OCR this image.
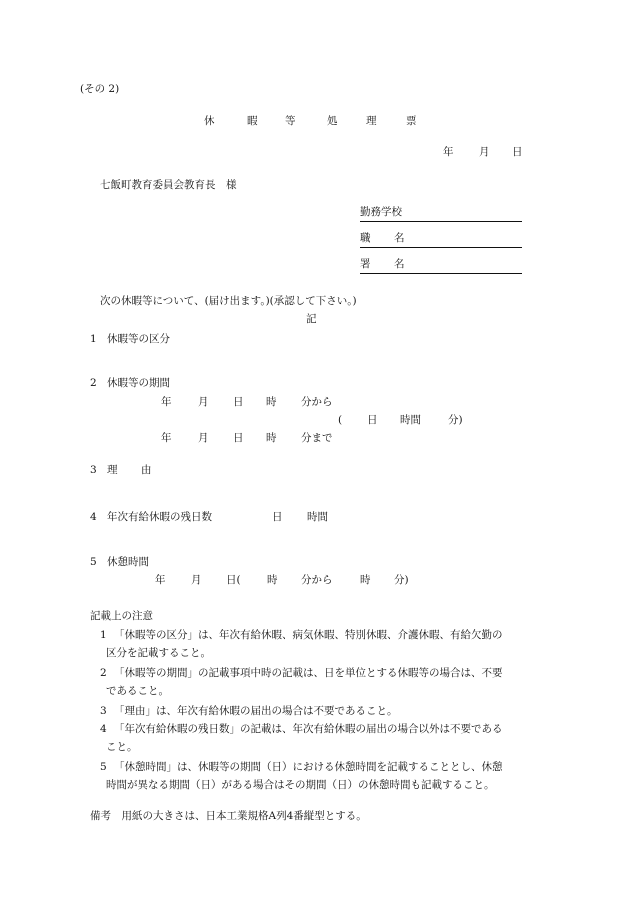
(その 2)
休	暇	等	処	理	票
年 月 日
七飯町教育委員会教育長　様
勤務学校
職 名
署 名
次の休暇等について、(届け出ます。)(承認して下さい。)
記
1 休暇等の区分
2 休暇等の期間
年	月 日 時 分から
( 日 時間	分)
年	月 日 時 分まで
3 理 由
4 年次有給休暇の残日数	日 時間
5 休憩時間
年 月 日(	時 分から	時 分)
記載上の注意
1 「休暇等の区分」は、年次有給休暇、病気休暇、特別休暇、介護休暇、有給欠勤の
区分を記載すること。
2 「休暇等の期間」の記載事項中時の記載は、日を単位とする休暇等の場合は、不要
であること。
3 「理由」は、年次有給休暇の届出の場合は不要であること。
4 「年次有給休暇の残日数」の記載は、年次有給休暇の届出の場合以外は不要である
こと。
5 「休憩時間」は、休暇等の期間（日）における休憩時間を記載することとし、休憩
時間が異なる期間（日）がある場合はその期間（日）の休憩時間も記載すること。
備考　用紙の大きさは、日本工業規格A列4番縦型とする。
